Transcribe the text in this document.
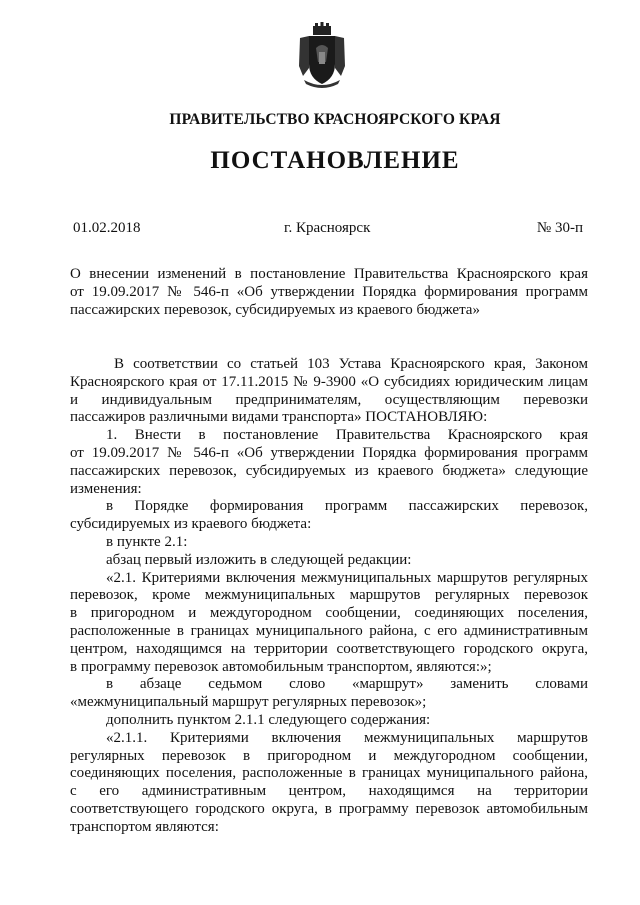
ПРАВИТЕЛЬСТВО КРАСНОЯРСКОГО КРАЯ
ПОСТАНОВЛЕНИЕ
01.02.2018	г. Красноярск	№ 30-п
О внесении изменений в постановление Правительства Красноярского края
от 19.09.2017 № 546-п «Об утверждении Порядка формирования программ
пассажирских перевозок, субсидируемых из краевого бюджета»
В соответствии со статьей 103 Устава Красноярского края, Законом
Красноярского края от 17.11.2015 № 9-3900 «О субсидиях юридическим лицам
и индивидуальным предпринимателям, осуществляющим перевозки
пассажиров различными видами транспорта» ПОСТАНОВЛЯЮ:
1. Внести в постановление Правительства Красноярского края
от 19.09.2017 № 546-п «Об утверждении Порядка формирования программ
пассажирских перевозок, субсидируемых из краевого бюджета» следующие
изменения:
в Порядке формирования программ пассажирских перевозок,
субсидируемых из краевого бюджета:
в пункте 2.1:
абзац первый изложить в следующей редакции:
«2.1. Критериями включения межмуниципальных маршрутов регулярных
перевозок, кроме межмуниципальных маршрутов регулярных перевозок
в пригородном и междугородном сообщении, соединяющих поселения,
расположенные в границах муниципального района, с его административным
центром, находящимся на территории соответствующего городского округа,
в программу перевозок автомобильным транспортом, являются:»;
в абзаце седьмом слово «маршрут» заменить словами
«межмуниципальный маршрут регулярных перевозок»;
дополнить пунктом 2.1.1 следующего содержания:
«2.1.1. Критериями включения межмуниципальных маршрутов
регулярных перевозок в пригородном и междугородном сообщении,
соединяющих поселения, расположенные в границах муниципального района,
с его административным центром, находящимся на территории
соответствующего городского округа, в программу перевозок автомобильным
транспортом являются:
